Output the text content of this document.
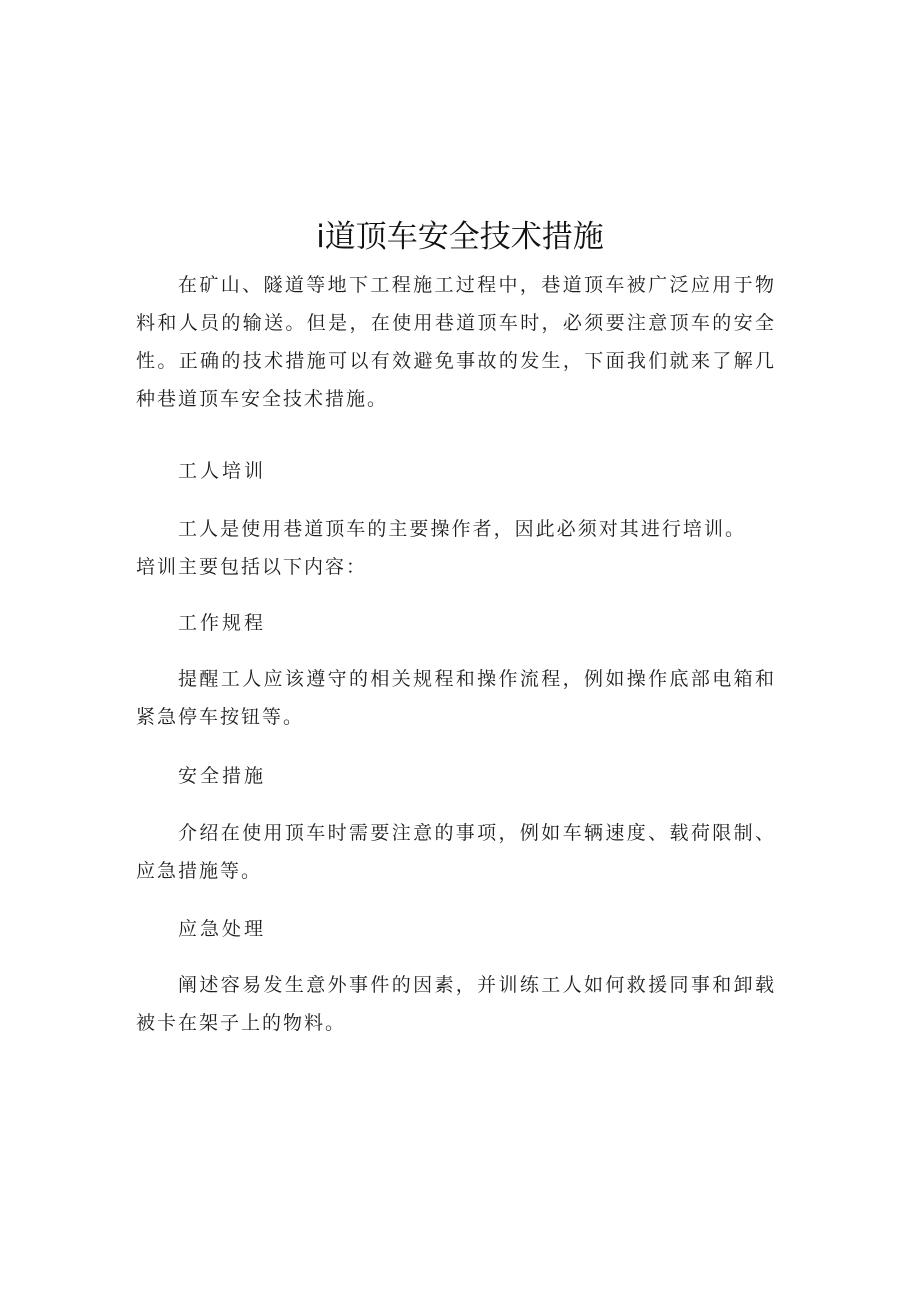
i道顶车安全技术措施

在矿山、隧道等地下工程施工过程中，巷道顶车被广泛应用于物料和人员的输送。但是，在使用巷道顶车时，必须要注意顶车的安全性。正确的技术措施可以有效避免事故的发生，下面我们就来了解几种巷道顶车安全技术措施。

工人培训

工人是使用巷道顶车的主要操作者，因此必须对其进行培训。培训主要包括以下内容：

工作规程

提醒工人应该遵守的相关规程和操作流程，例如操作底部电箱和紧急停车按钮等。

安全措施

介绍在使用顶车时需要注意的事项，例如车辆速度、载荷限制、应急措施等。

应急处理

阐述容易发生意外事件的因素，并训练工人如何救援同事和卸载被卡在架子上的物料。
